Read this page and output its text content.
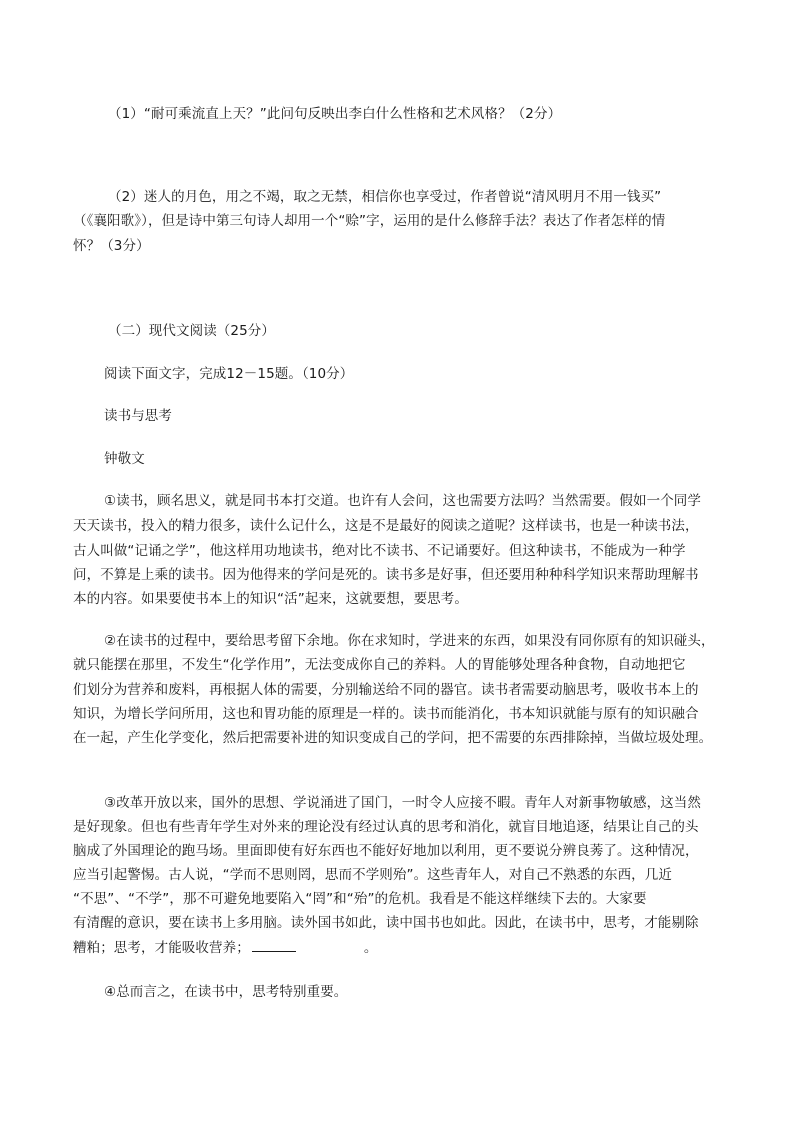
（1）“耐可乘流直上天？”此问句反映出李白什么性格和艺术风格？（2分）
（2）迷人的月色，用之不竭，取之无禁，相信你也享受过，作者曾说“清风明月不用一钱买”
（《襄阳歌》），但是诗中第三句诗人却用一个“赊”字，运用的是什么修辞手法？表达了作者怎样的情
怀？（3分）
（二）现代文阅读（25分）
阅读下面文字，完成12－15题。（10分）
读书与思考
钟敬文
①读书，顾名思义，就是同书本打交道。也许有人会问，这也需要方法吗？当然需要。假如一个同学
天天读书，投入的精力很多，读什么记什么，这是不是最好的阅读之道呢？这样读书，也是一种读书法，
古人叫做“记诵之学”，他这样用功地读书，绝对比不读书、不记诵要好。但这种读书，不能成为一种学
问，不算是上乘的读书。因为他得来的学问是死的。读书多是好事，但还要用种种科学知识来帮助理解书
本的内容。如果要使书本上的知识“活”起来，这就要想，要思考。
②在读书的过程中，要给思考留下余地。你在求知时，学进来的东西，如果没有同你原有的知识碰头，
就只能摆在那里，不发生“化学作用”，无法变成你自己的养料。人的胃能够处理各种食物，自动地把它
们划分为营养和废料，再根据人体的需要，分别输送给不同的器官。读书者需要动脑思考，吸收书本上的
知识，为增长学问所用，这也和胃功能的原理是一样的。读书而能消化，书本知识就能与原有的知识融合
在一起，产生化学变化，然后把需要补进的知识变成自己的学问，把不需要的东西排除掉，当做垃圾处理。
③改革开放以来，国外的思想、学说涌进了国门，一时令人应接不暇。青年人对新事物敏感，这当然
是好现象。但也有些青年学生对外来的理论没有经过认真的思考和消化，就盲目地追逐，结果让自己的头
脑成了外国理论的跑马场。里面即使有好东西也不能好好地加以利用，更不要说分辨良莠了。这种情况，
应当引起警惕。古人说，“学而不思则罔，思而不学则殆”。这些青年人，对自己不熟悉的东西，几近
“不思”、“不学”，那不可避免地要陷入“罔”和“殆”的危机。我看是不能这样继续下去的。大家要
有清醒的意识，要在读书上多用脑。读外国书如此，读中国书也如此。因此，在读书中，思考，才能剔除
糟粕；思考，才能吸收营养；	。
④总而言之，在读书中，思考特别重要。
